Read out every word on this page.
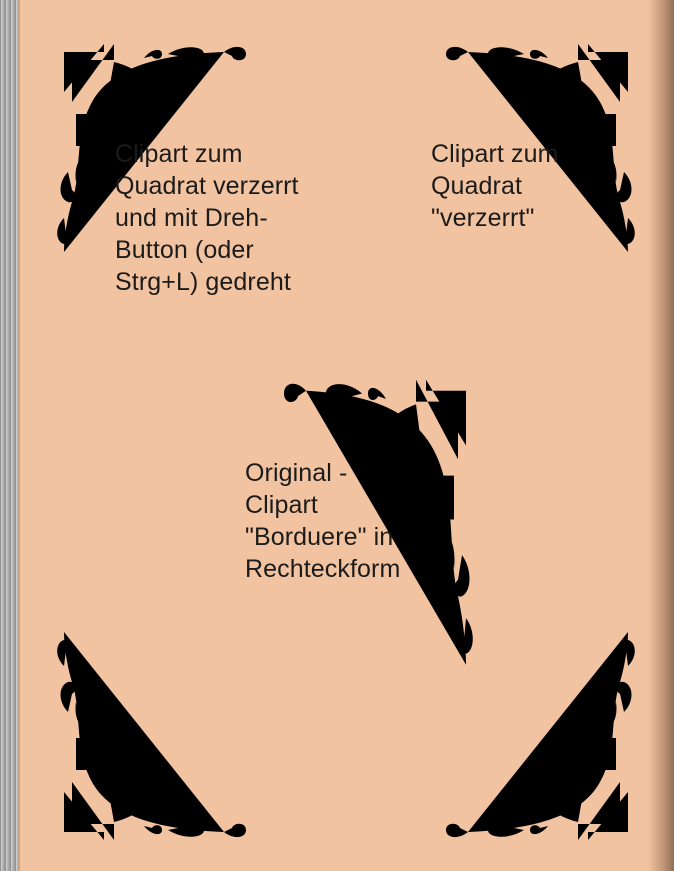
Clipart zum
Quadrat verzerrt
und mit Dreh-
Button (oder
Strg+L) gedreht

Clipart zum
Quadrat
"verzerrt"

Original -
Clipart
"Borduere" in
Rechteckform
